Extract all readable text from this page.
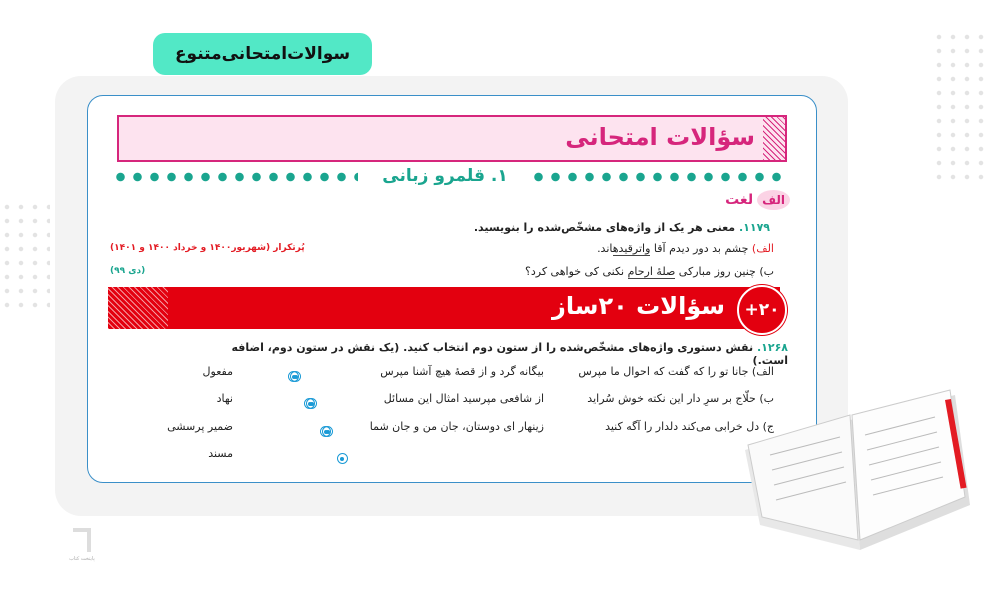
سوالات‌امتحانی‌متنوع
سؤالات امتحانی
۱. قلمرو زبانی
الف
لغت
۱۱۷۹. معنی هر یک از واژه‌های مشخّص‌شده را بنویسید.
الف) چشم بد دور دیدم آقا واترقیدهاند.
ب) چنین روز مبارکی صلهٔ ارحام نکنی کی خواهی کرد؟
پُرتکرار (شهریور۱۴۰۰ و خرداد ۱۴۰۰ و ۱۴۰۱)
(دی ۹۹)
سؤالات ۲۰ساز	+۲۰
۱۲۶۸. نقش دستوری واژه‌های مشخّص‌شده را از ستون دوم انتخاب کنید. (یک نقش در ستون دوم، اضافه است.)
الف) جانا تو را که گفت که احوال ما مپرس
بیگانه گرد و از قصهٔ هیچ آشنا مپرس
ب) حلّاج بر سرِ دار این نکته خوش سُراید
از شافعی مپرسید امثال این مسائل
ج) دل خرابی می‌کند دلدار را آگه کنید
زینهار ای دوستان، جان من و جان شما

مفعول
نهاد
ضمیر پرسشی
مسند
پایتخت کتاب
